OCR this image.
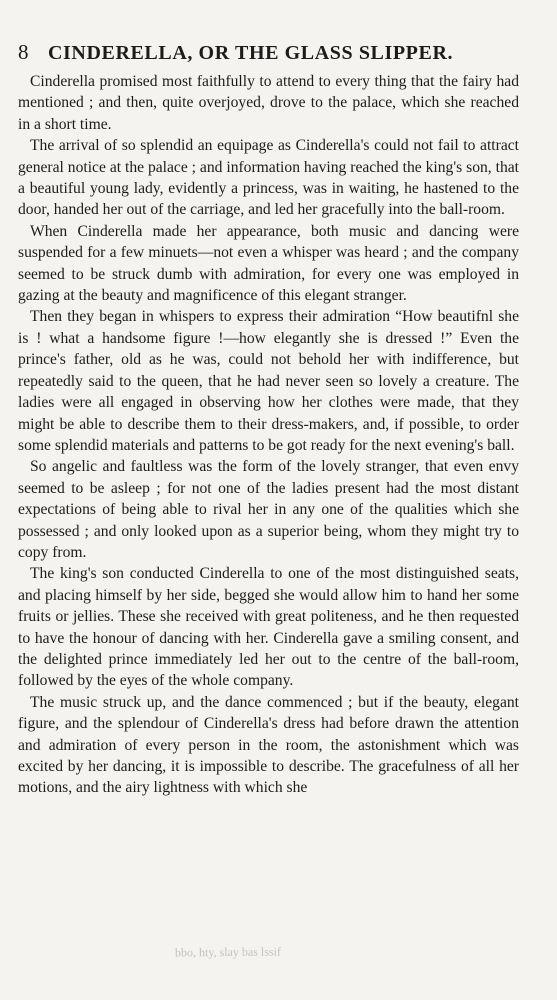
8 CINDERELLA, OR THE GLASS SLIPPER.

Cinderella promised most faithfully to attend to every thing that the fairy had mentioned ; and then, quite overjoyed, drove to the palace, which she reached in a short time.

The arrival of so splendid an equipage as Cinderella's could not fail to attract general notice at the palace ; and information having reached the king's son, that a beautiful young lady, evidently a princess, was in waiting, he hastened to the door, handed her out of the carriage, and led her gracefully into the ball-room.

When Cinderella made her appearance, both music and dancing were suspended for a few minuets—not even a whisper was heard ; and the company seemed to be struck dumb with admiration, for every one was employed in gazing at the beauty and magnificence of this elegant stranger.

Then they began in whispers to express their admiration “How beautifnl she is ! what a handsome figure !—how elegantly she is dressed !” Even the prince's father, old as he was, could not behold her with indifference, but repeatedly said to the queen, that he had never seen so lovely a creature. The ladies were all engaged in observing how her clothes were made, that they might be able to describe them to their dress-makers, and, if possible, to order some splendid materials and patterns to be got ready for the next evening's ball.

So angelic and faultless was the form of the lovely stranger, that even envy seemed to be asleep ; for not one of the ladies present had the most distant expectations of being able to rival her in any one of the qualities which she possessed ; and only looked upon as a superior being, whom they might try to copy from.

The king's son conducted Cinderella to one of the most distinguished seats, and placing himself by her side, begged she would allow him to hand her some fruits or jellies. These she received with great politeness, and he then requested to have the honour of dancing with her. Cinderella gave a smiling consent, and the delighted prince immediately led her out to the centre of the ball-room, followed by the eyes of the whole company.

The music struck up, and the dance commenced ; but if the beauty, elegant figure, and the splendour of Cinderella's dress had before drawn the attention and admiration of every person in the room, the astonishment which was excited by her dancing, it is impossible to describe. The gracefulness of all her motions, and the airy lightness with which she

bbo, hty, slay bas lssif
